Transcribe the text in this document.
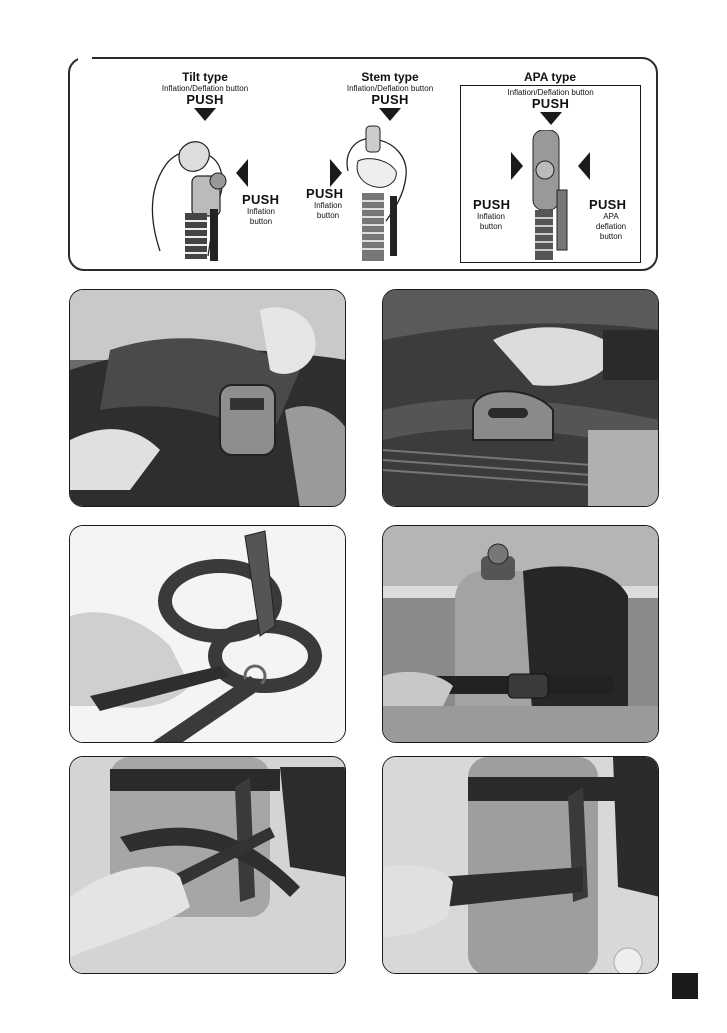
Tilt type
Inflation/Deflation button
PUSH
PUSH
Inflation
button
Stem type
Inflation/Deflation button
PUSH
PUSH
Inflation
button
APA type
Inflation/Deflation button
PUSH
PUSH
Inflation
button
PUSH
APA
deflation
button
